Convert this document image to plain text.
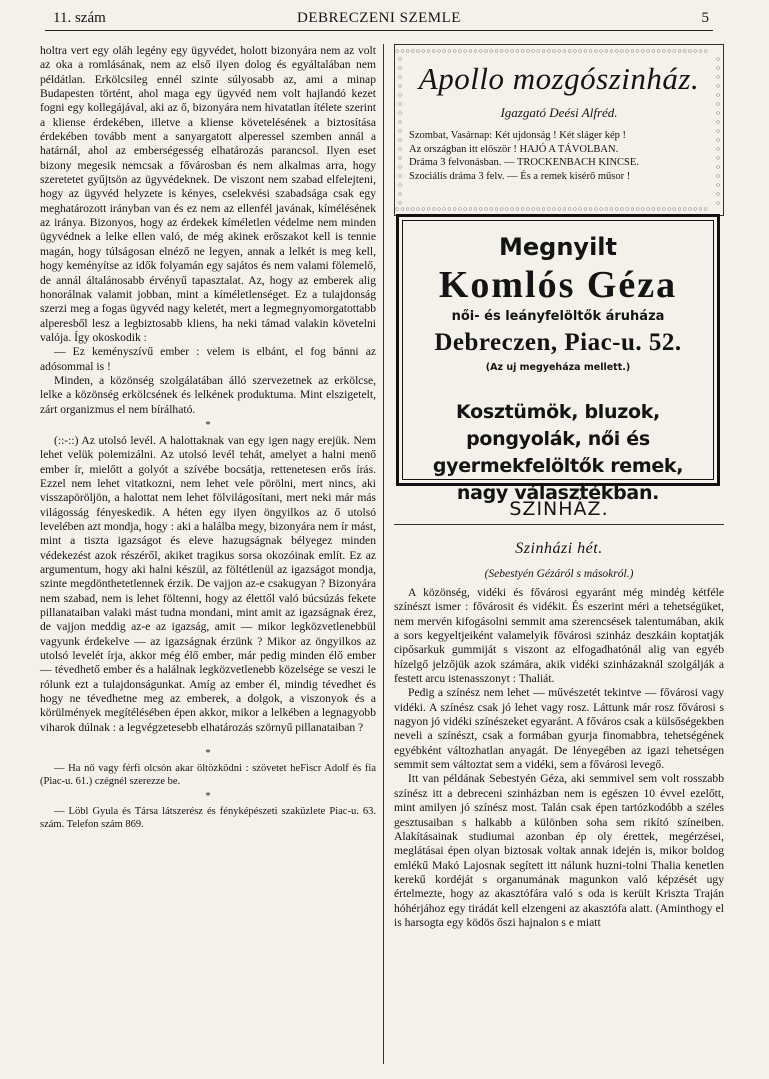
11. szám	DEBRECZENI SZEMLE	5

holtra vert egy oláh legény egy ügyvédet, holott bizonyára nem az volt az oka a romlásának, nem az első ilyen dolog és egyáltalában nem példátlan. Erkölcsileg ennél szinte súlyosabb az, ami a minap Budapesten történt, ahol maga egy ügyvéd nem volt hajlandó kezet fogni egy kollegájával, aki az ő, bizonyára nem hivatatlan ítélete szerint a kliense érdekében, illetve a kliense követelésének a biztosítása érdekében tovább ment a sanyargatott alperessel szemben annál a határnál, ahol az emberségesség elhatározás parancsol. Ilyen eset bizony megesik nemcsak a fővárosban és nem alkalmas arra, hogy szeretetet gyűjtsön az ügyvédeknek. De viszont nem szabad elfelejteni, hogy az ügyvéd helyzete is kényes, cselekvési szabadsága csak egy meghatározott irányban van és ez nem az ellenfél javának, kímélésének az iránya. Bizonyos, hogy az érdekek kíméletlen védelme nem minden ügyvédnek a lelke ellen való, de még akinek erőszakot kell is tennie magán, hogy túlságosan elnéző ne legyen, annak a lelkét is meg kell, hogy keményítse az idők folyamán egy sajátos és nem valami fölemelő, de annál általánosabb érvényű tapasztalat. Az, hogy az emberek alig honorálnak valamit jobban, mint a kíméletlenséget. Ez a tulajdonság szerzi meg a fogas ügyvéd nagy keletét, mert a legmegnyomorgatottabb alperesből lesz a legbiztosabb kliens, ha neki támad valakin követelni valója. Így okoskodik :

— Ez keményszívű ember : velem is elbánt, el fog bánni az adósommal is !

Minden, a közönség szolgálatában álló szervezetnek az erkölcse, lelke a közönség erkölcsének és lelkének produktuma. Mint elszigetelt, zárt organizmus el nem bírálható.

*

(::-::) Az utolsó levél. A halottaknak van egy igen nagy erejük. Nem lehet velük polemizálni. Az utolsó levél tehát, amelyet a halni menő ember ír, mielőtt a golyót a szívébe bocsátja, rettenetesen erős írás. Ezzel nem lehet vitatkozni, nem lehet vele pörölni, mert nincs, aki visszapöröljön, a halottat nem lehet fölvilágosítani, mert neki már más világosság fényeskedik. A héten egy ilyen öngyilkos az ő utolsó levelében azt mondja, hogy : aki a halálba megy, bizonyára nem ír mást, mint a tiszta igazságot és eleve hazugságnak bélyegez minden védekezést azok részéről, akiket tragikus sorsa okozóinak említ. Ez az argumentum, hogy aki halni készül, az föltétlenül az igazságot mondja, szinte megdönthetetlennek érzik. De vajjon az-e csakugyan ? Bizonyára nem szabad, nem is lehet föltenni, hogy az élettől való búcsúzás fekete pillanataiban valaki mást tudna mondani, mint amit az igazságnak érez, de vajjon meddig az-e az igazság, amit — mikor legközvetlenebbül vagyunk érdekelve — az igazságnak érzünk ? Mikor az öngyilkos az utolsó levelét írja, akkor még élő ember, már pedig minden élő ember — tévedhető ember és a halálnak legközvetlenebb közelsége se veszi le rólunk ezt a tulajdonságunkat. Amíg az ember él, mindig tévedhet és hogy ne tévedhetne meg az emberek, a dolgok, a viszonyok és a körülmények megítélésében épen akkor, mikor a lelkében a legnagyobb viharok dúlnak : a legvégzetesebb elhatározás szörnyű pillanataiban ?

*

— Ha nő vagy férfi olcsón akar öltözködni : szövetet heFiscr Adolf és fia (Piac-u. 61.) czégnél szerezze be.

*

— Löbl Gyula és Társa látszerész és fényképészeti szaküzlete Piac-u. 63. szám. Telefon szám 869.

○○○○○○○○○○○○○○○○○○○○○○○○○○○○○○○○○○○○○○○○○○○○○○○○○○○○○○○○○○○○
○○○○○○○○○○○○○○○○○○○○○○○○○○○○○○○○○○○○○○○○○○○○○○○○○○○○○○○○○○○○
○ ○ ○ ○ ○ ○ ○ ○ ○ ○ ○ ○ ○ ○ ○ ○ ○
○ ○ ○ ○ ○ ○ ○ ○ ○ ○ ○ ○ ○ ○ ○ ○ ○
Apollo mozgószinház.
Igazgató Deési Alfréd.
Szombat, Vasárnap: Két ujdonság ! Két sláger kép !
Az országban itt először ! HAJÓ A TÁVOLBAN.
Dráma 3 felvonásban. — TROCKENBACH KINCSE.
Szociális dráma 3 felv. — És a remek kisérő műsor !
Megnyilt
Komlós Géza
női- és leányfelöltők áruháza
Debreczen, Piac-u. 52.
(Az uj megyeháza mellett.)
Kosztümök, bluzok, pongyolák, női és gyermekfelöltők remek, nagy választékban.
SZINHÁZ.
Szinházi hét.
(Sebestyén Gézáról s másokról.)

A közönség, vidéki és fővárosi egyaránt még mindég kétféle színészt ismer : fővárosit és vidékit. És eszerint méri a tehetségüket, nem mervén kifogásolni semmit ama szerencsések talentumában, akik a sors kegyeltjeiként valamelyik fővárosi szinház deszkáin koptatják cipősarkuk gummiját s viszont az elfogadhatónál alig van egyéb hízelgő jelzőjük azok számára, akik vidéki szinházaknál szolgálják a festett arcu istenasszonyt : Thaliát.

Pedig a színész nem lehet — művészetét tekintve — fővárosi vagy vidéki. A színész csak jó lehet vagy rosz. Láttunk már rosz fővárosi s nagyon jó vidéki színészeket egyaránt. A főváros csak a külsőségekben neveli a színészt, csak a formában gyurja finomabbra, tehetségének egyébként változhatlan anyagát. De lényegében az igazi tehetségen semmit sem változtat sem a vidéki, sem a fővárosi levegő.

Itt van példának Sebestyén Géza, aki semmivel sem volt rosszabb színész itt a debreceni szinházban nem is egészen 10 évvel ezelőtt, mint amilyen jó színész most. Talán csak épen tartózkodóbb a széles gesztusaiban s halkabb a különben soha sem rikító színeiben. Alakításainak studiumai azonban ép oly érettek, megérzései, meglátásai épen olyan biztosak voltak annak idején is, mikor boldog emlékű Makó Lajosnak segített itt nálunk huzni-tolni Thalia kenetlen kerekű kordéját s organumának magunkon való képzését ugy értelmezte, hogy az akasztófára való s oda is került Kriszta Traján hóhérjához egy tirádát kell elzengeni az akasztófa alatt. (Aminthogy el is harsogta egy ködös őszi hajnalon s e miatt
